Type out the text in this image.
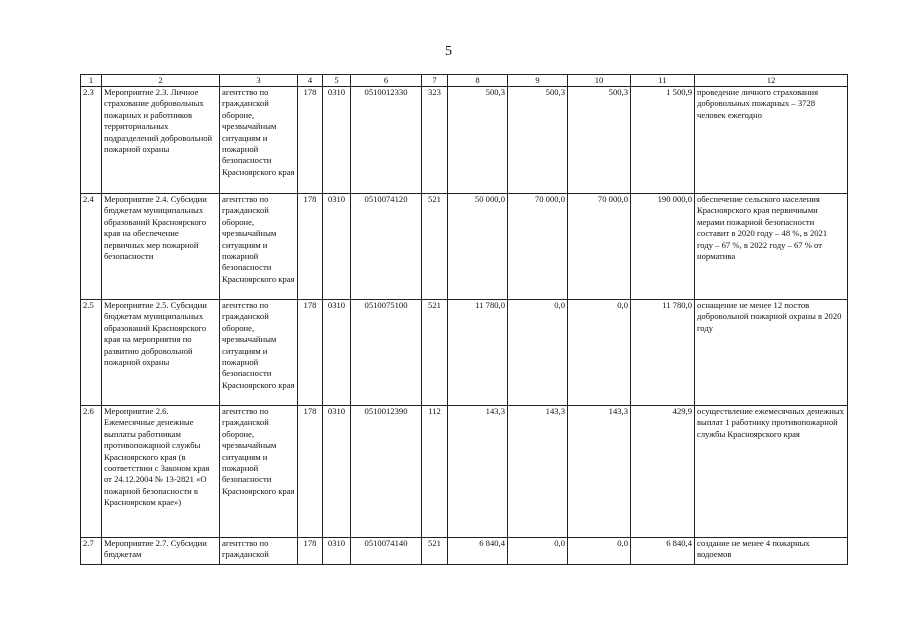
5
1	2	3	4	5	6	7	8	9	10	11	12
2.3	Мероприятие 2.3. Личное страхование добровольных пожарных и работников территориальных подразделений добровольной пожарной охраны	агентство по гражданской обороне, чрезвычайным ситуациям и пожарной безопасности Красноярского края	178	0310	0510012330	323	500,3	500,3	500,3	1 500,9	проведение личного страхования добровольных пожарных – 3728 человек ежегодно
2.4	Мероприятие 2.4. Субсидии бюджетам муниципальных образований Красноярского края на обеспечение первичных мер пожарной безопасности	агентство по гражданской обороне, чрезвычайным ситуациям и пожарной безопасности Красноярского края	178	0310	0510074120	521	50 000,0	70 000,0	70 000,0	190 000,0	обеспечение сельского населения Красноярского края первичными мерами пожарной безопасности составит в 2020 году – 48 %, в 2021 году – 67 %, в 2022 году – 67 % от норматива
2.5	Мероприятие 2.5. Субсидии бюджетам муниципальных образований Красноярского края на мероприятия по развитию добровольной пожарной охраны	агентство по гражданской обороне, чрезвычайным ситуациям и пожарной безопасности Красноярского края	178	0310	0510075100	521	11 780,0	0,0	0,0	11 780,0	оснащение не менее 12 постов добровольной пожарной охраны в 2020 году
2.6	Мероприятие 2.6. Ежемесячные денежные выплаты работникам противопожарной службы Красноярского края (в соответствии с Законом края от 24.12.2004 № 13-2821 «О пожарной безопасности в Красноярском крае»)	агентство по гражданской обороне, чрезвычайным ситуациям и пожарной безопасности Красноярского края	178	0310	0510012390	112	143,3	143,3	143,3	429,9	осуществление ежемесячных денежных выплат 1 работнику противопожарной службы Красноярского края
2.7	Мероприятие 2.7. Субсидии бюджетам	агентство по гражданской	178	0310	0510074140	521	6 840,4	0,0	0,0	6 840,4	создание не менее 4 пожарных водоемов
